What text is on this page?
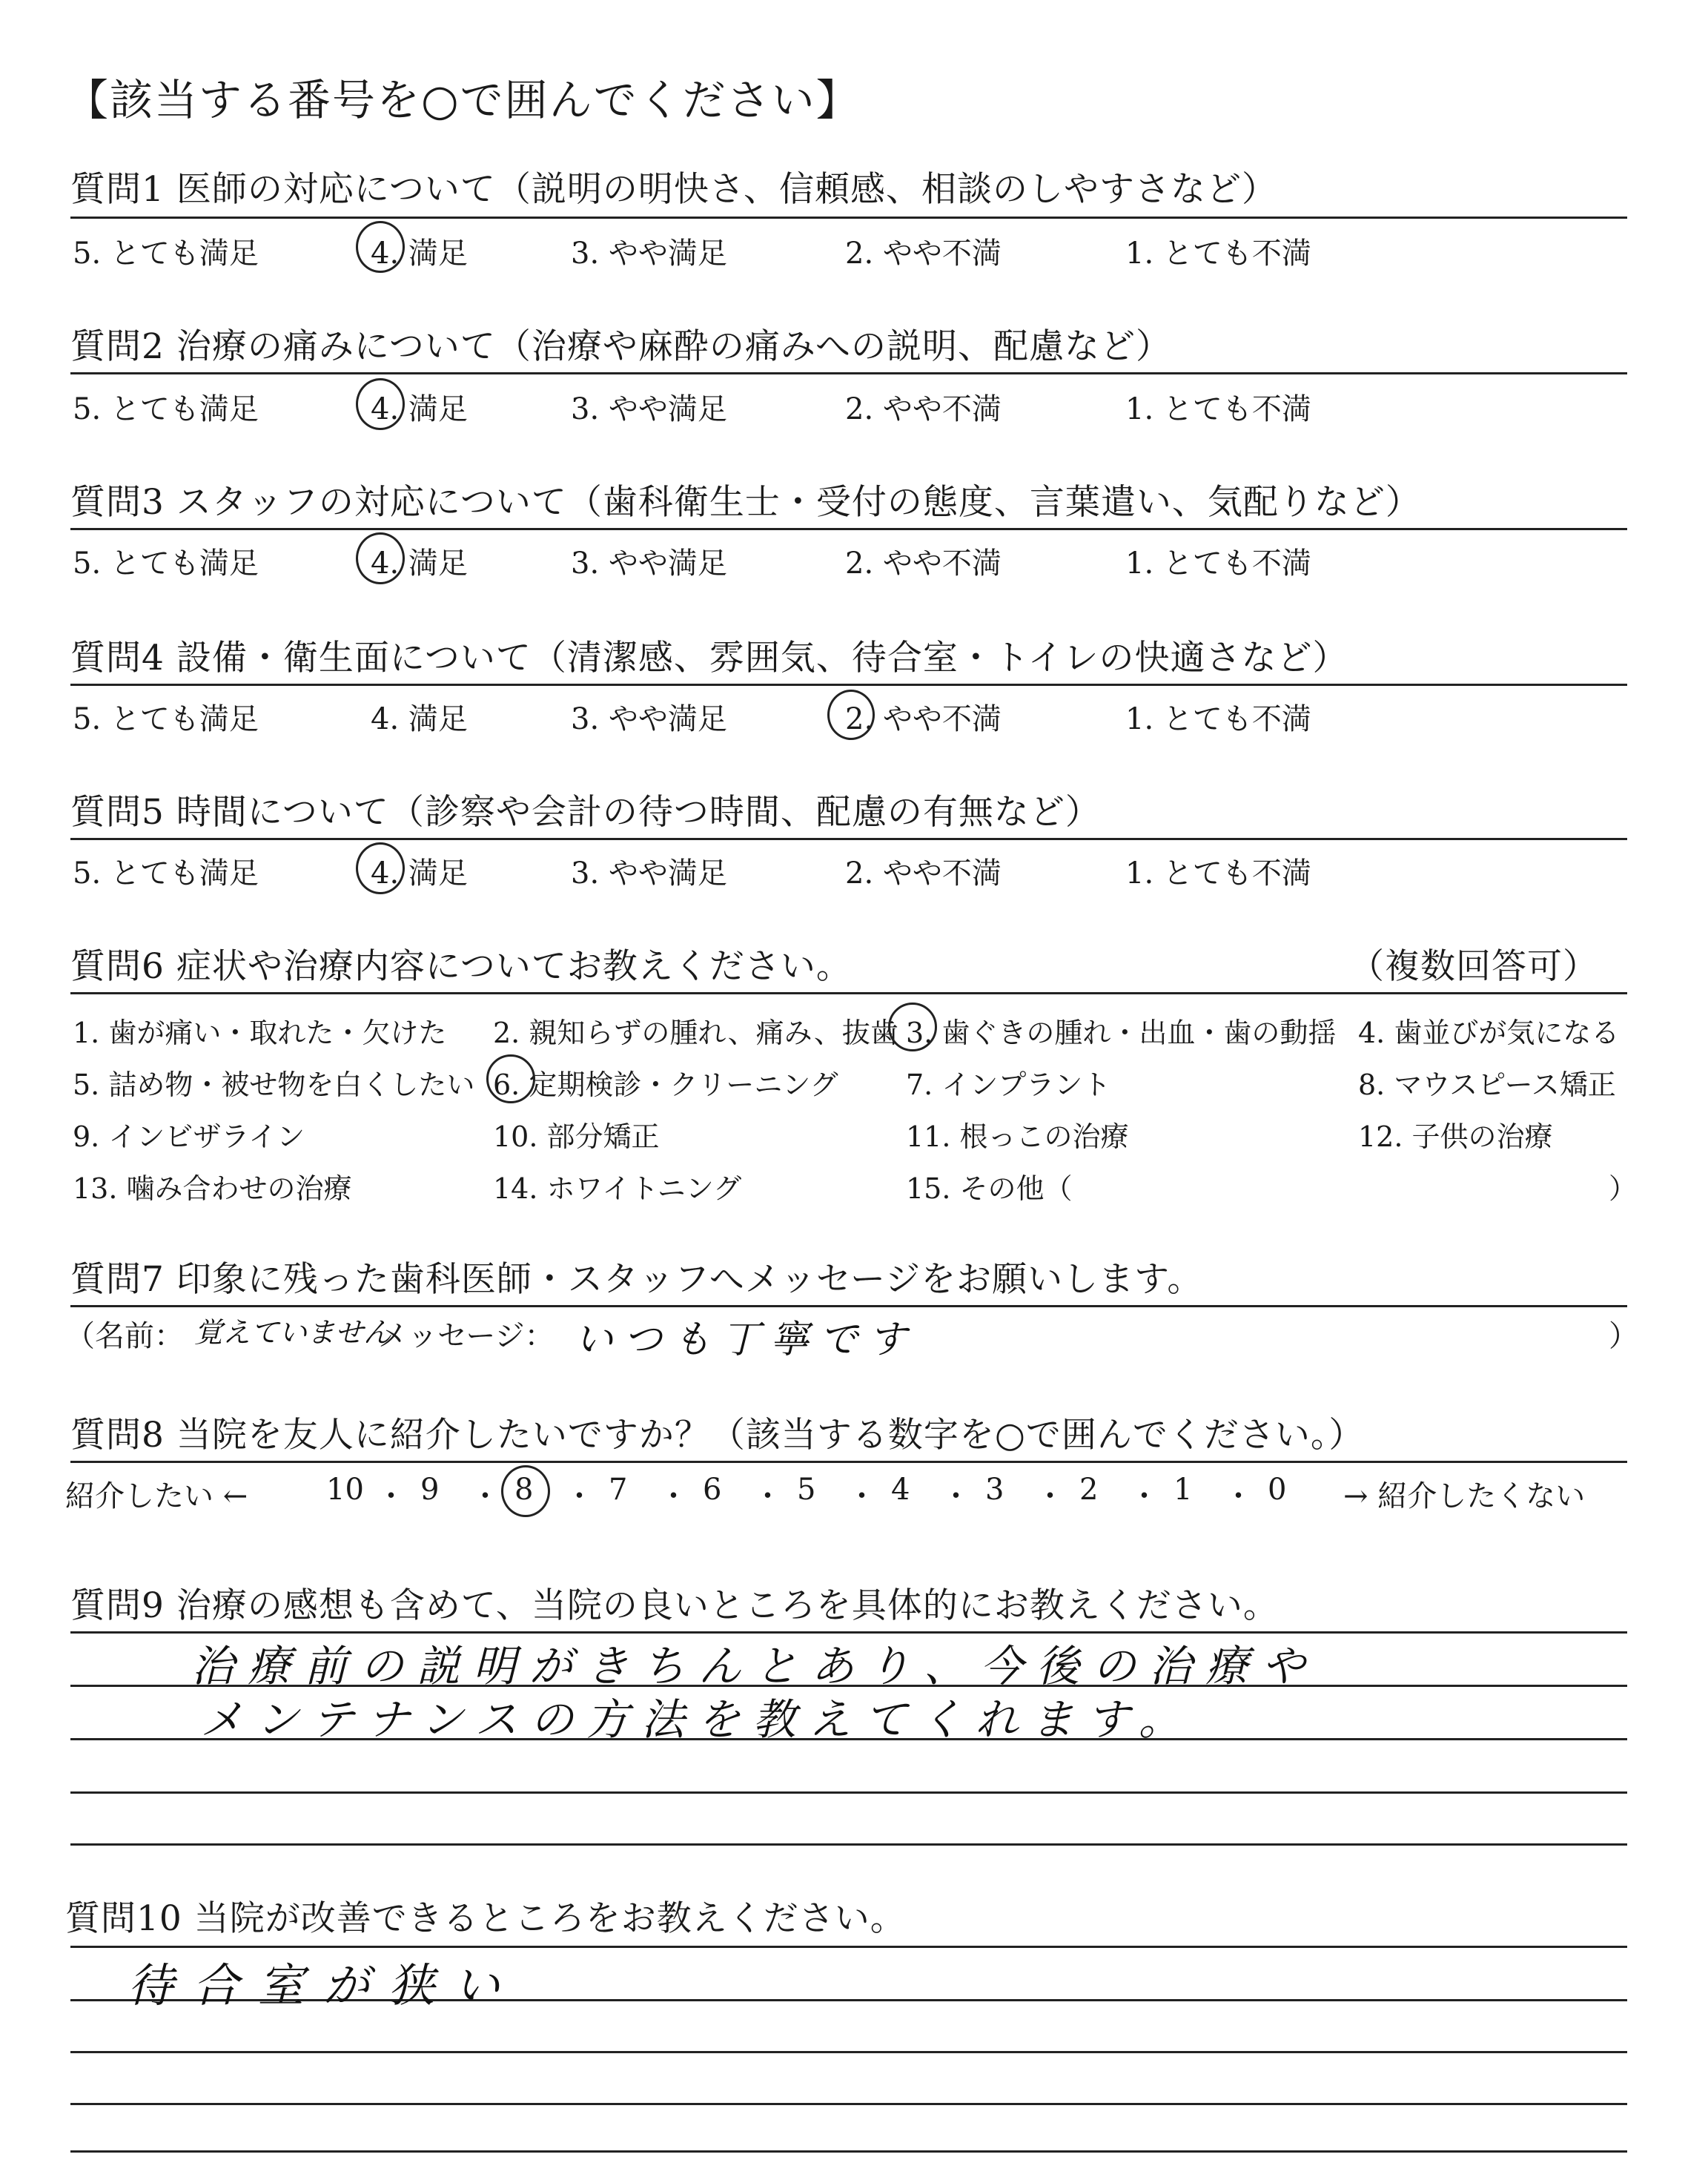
【該当する番号を○で囲んでください】
質問1 医師の対応について（説明の明快さ、信頼感、相談のしやすさなど）
5. とても満足	4. 満足	3. やや満足	2. やや不満	1. とても不満
質問2 治療の痛みについて（治療や麻酔の痛みへの説明、配慮など）
5. とても満足	4. 満足	3. やや満足	2. やや不満	1. とても不満
質問3 スタッフの対応について（歯科衛生士・受付の態度、言葉遣い、気配りなど）
5. とても満足	4. 満足	3. やや満足	2. やや不満	1. とても不満
質問4 設備・衛生面について（清潔感、雰囲気、待合室・トイレの快適さなど）
5. とても満足	4. 満足	3. やや満足	2. やや不満	1. とても不満
質問5 時間について（診察や会計の待つ時間、配慮の有無など）
5. とても満足	4. 満足	3. やや満足	2. やや不満	1. とても不満
質問6 症状や治療内容についてお教えください。	（複数回答可）
1. 歯が痛い・取れた・欠けた 2. 親知らずの腫れ、痛み、抜歯 3. 歯ぐきの腫れ・出血・歯の動揺 4. 歯並びが気になる
5. 詰め物・被せ物を白くしたい 6. 定期検診・クリーニング 7. インプラント	8. マウスピース矯正
9. インビザライン	10. 部分矯正	11. 根っこの治療	12. 子供の治療
13. 噛み合わせの治療	14. ホワイトニング	15. その他（	）
質問7 印象に残った歯科医師・スタッフへメッセージをお願いします。
（名前： 覚えていません
メッセージ： いつも丁寧です	）
質問8 当院を友人に紹介したいですか？（該当する数字を○で囲んでください。）
紹介したい ←	→ 紹介したくない
10 ・ 9 ・ 8 ・ 7 ・ 6 ・ 5 ・ 4 ・ 3 ・ 2 ・ 1 ・ 0
質問9 治療の感想も含めて、当院の良いところを具体的にお教えください。
治療前の説明がきちんとあり、今後の治療や
メンテナンスの方法を教えてくれます。
質問10 当院が改善できるところをお教えください。
待合室が狭い
